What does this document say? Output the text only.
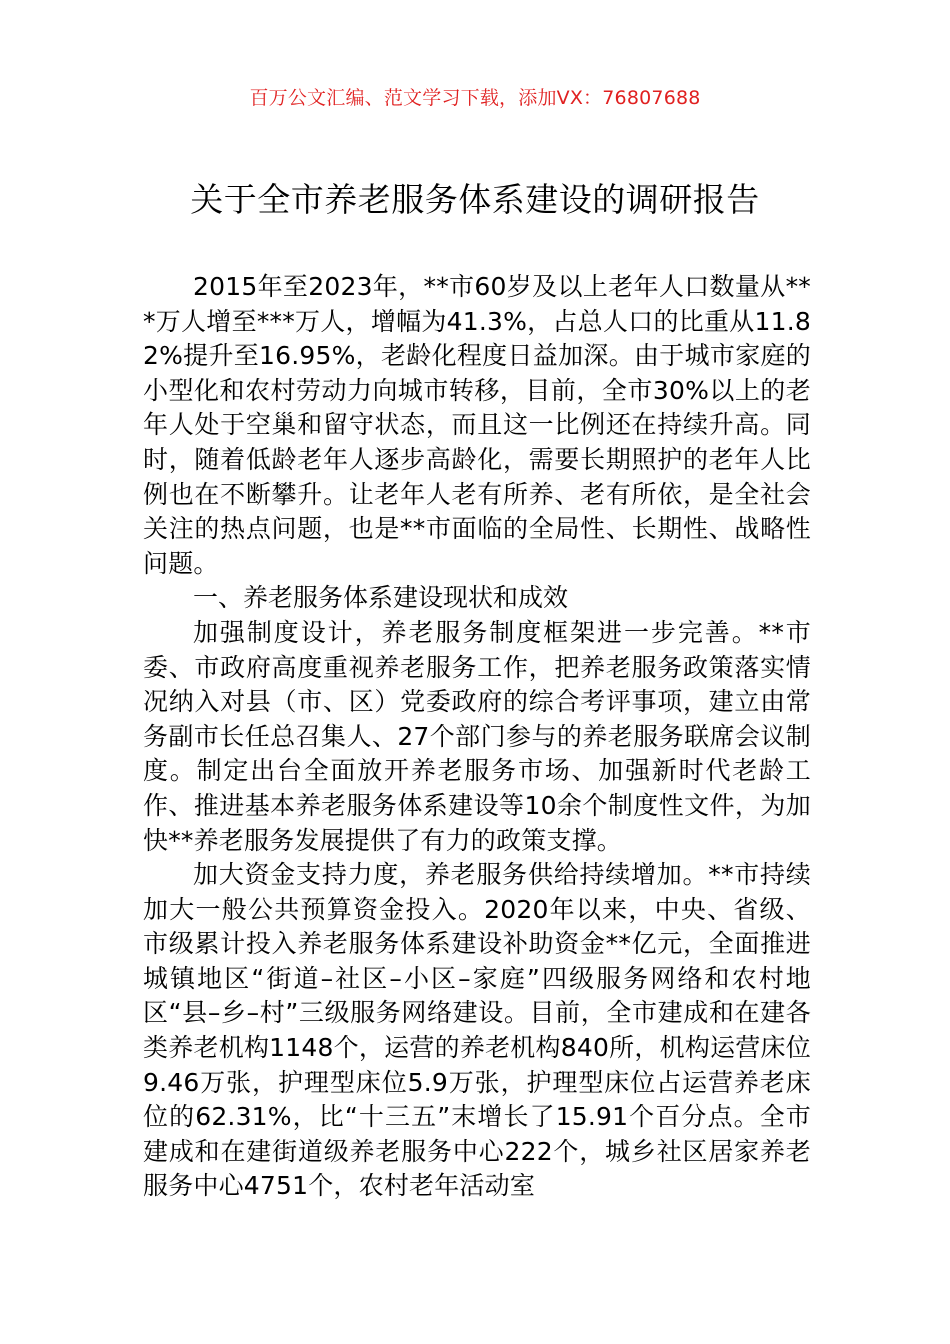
百万公文汇编、范文学习下载，添加VX：76807688
关于全市养老服务体系建设的调研报告

2015年至2023年，**市60岁及以上老年人口数量从***万人增至***万人，增幅为41.3%，占总人口的比重从11.82%提升至16.95%，老龄化程度日益加深。由于城市家庭的小型化和农村劳动力向城市转移，目前，全市30%以上的老年人处于空巢和留守状态，而且这一比例还在持续升高。同时，随着低龄老年人逐步高龄化，需要长期照护的老年人比例也在不断攀升。让老年人老有所养、老有所依，是全社会关注的热点问题，也是**市面临的全局性、长期性、战略性问题。

一、养老服务体系建设现状和成效

加强制度设计，养老服务制度框架进一步完善。**市委、市政府高度重视养老服务工作，把养老服务政策落实情况纳入对县（市、区）党委政府的综合考评事项，建立由常务副市长任总召集人、27个部门参与的养老服务联席会议制度。制定出台全面放开养老服务市场、加强新时代老龄工作、推进基本养老服务体系建设等10余个制度性文件，为加快**养老服务发展提供了有力的政策支撑。

加大资金支持力度，养老服务供给持续增加。**市持续加大一般公共预算资金投入。2020年以来，中央、省级、市级累计投入养老服务体系建设补助资金**亿元，全面推进城镇地区“街道–社区–小区–家庭”四级服务网络和农村地区“县–乡–村”三级服务网络建设。目前，全市建成和在建各类养老机构1148个，运营的养老机构840所，机构运营床位9.46万张，护理型床位5.9万张，护理型床位占运营养老床位的62.31%，比“十三五”末增长了15.91个百分点。全市建成和在建街道级养老服务中心222个，城乡社区居家养老服务中心4751个，农村老年活动室
